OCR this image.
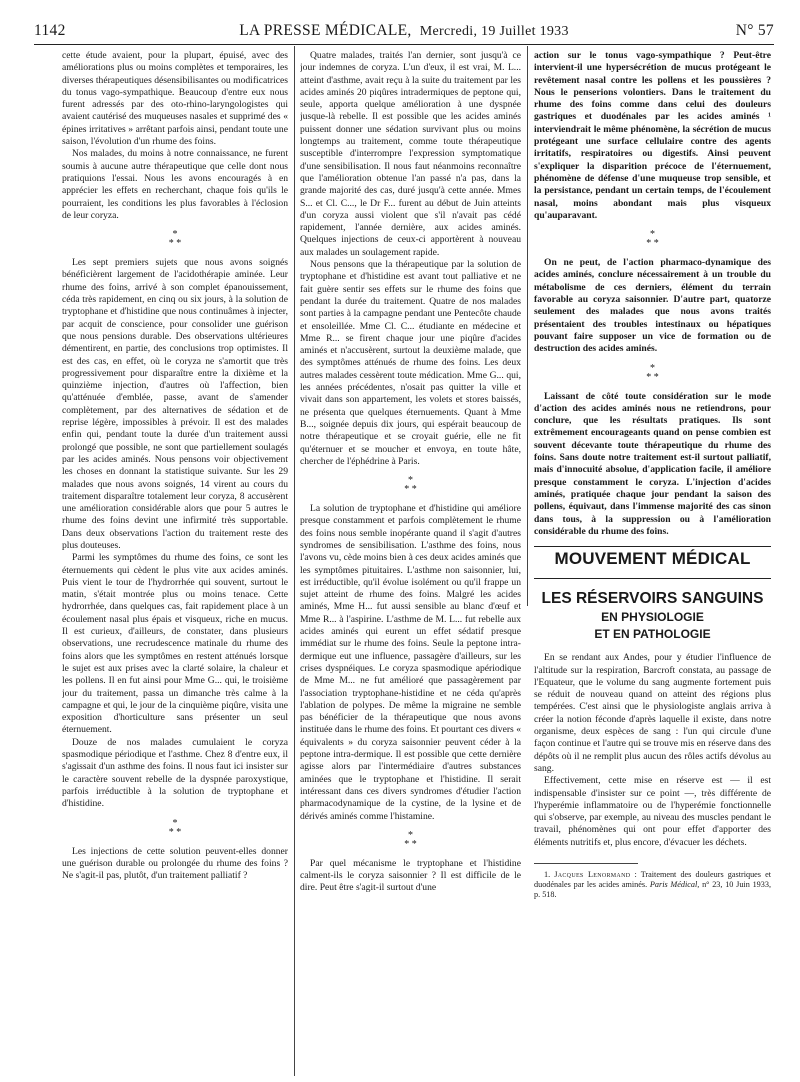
1142	LA PRESSE MÉDICALE, Mercredi, 19 Juillet 1933	N° 57

cette étude avaient, pour la plupart, épuisé, avec des améliorations plus ou moins complètes et temporaires, les diverses thérapeutiques désensibilisantes ou modificatrices du tonus vago-sympathique. Beaucoup d'entre eux nous furent adressés par des oto-rhino-laryngologistes qui avaient cautérisé des muqueuses nasales et supprimé des « épines irritatives » arrêtant parfois ainsi, pendant toute une saison, l'évolution d'un rhume des foins.

Nos malades, du moins à notre connaissance, ne furent soumis à aucune autre thérapeutique que celle dont nous pratiquions l'essai. Nous les avons encouragés à en apprécier les effets en recherchant, chaque fois qu'ils le pourraient, les conditions les plus favorables à l'éclosion de leur coryza.

*
* *

Les sept premiers sujets que nous avons soignés bénéficièrent largement de l'acidothérapie aminée. Leur rhume des foins, arrivé à son complet épanouissement, céda très rapidement, en cinq ou six jours, à la solution de tryptophane et d'histidine que nous continuâmes à injecter, par acquit de conscience, pour consolider une guérison que nous pensions durable. Des observations ultérieures démentirent, en partie, des conclusions trop optimistes. Il est des cas, en effet, où le coryza ne s'amortit que très progressivement pour disparaître entre la dixième et la quinzième injection, d'autres où l'affection, bien qu'atténuée d'emblée, passe, avant de s'amender complètement, par des alternatives de sédation et de reprise légère, impossibles à prévoir. Il est des malades enfin qui, pendant toute la durée d'un traitement aussi prolongé que possible, ne sont que partiellement soulagés par les acides aminés. Nous pensons voir objectivement les choses en donnant la statistique suivante. Sur les 29 malades que nous avons soignés, 14 virent au cours du traitement disparaître totalement leur coryza, 8 accusèrent une amélioration considérable alors que pour 5 autres le rhume des foins devint une infirmité très supportable. Dans deux observations l'action du traitement reste des plus douteuses.

Parmi les symptômes du rhume des foins, ce sont les éternuements qui cèdent le plus vite aux acides aminés. Puis vient le tour de l'hydrorrhée qui souvent, surtout le matin, s'était montrée plus ou moins tenace. Cette hydrorrhée, dans quelques cas, fait rapidement place à un écoulement nasal plus épais et visqueux, riche en mucus. Il est curieux, d'ailleurs, de constater, dans plusieurs observations, une recrudescence matinale du rhume des foins alors que les symptômes en restent atténués lorsque le sujet est aux prises avec la clarté solaire, la chaleur et les pollens. Il en fut ainsi pour Mme G... qui, le troisième jour du traitement, passa un dimanche très calme à la campagne et qui, le jour de la cinquième piqûre, visita une exposition d'horticulture sans présenter un seul éternuement.

Douze de nos malades cumulaient le coryza spasmodique périodique et l'asthme. Chez 8 d'entre eux, il s'agissait d'un asthme des foins. Il nous faut ici insister sur le caractère souvent rebelle de la dyspnée paroxystique, parfois irréductible à la solution de tryptophane et d'histidine.

*
* *

Les injections de cette solution peuvent-elles donner une guérison durable ou prolongée du rhume des foins ? Ne s'agit-il pas, plutôt, d'un traitement palliatif ?

Quatre malades, traités l'an dernier, sont jusqu'à ce jour indemnes de coryza. L'un d'eux, il est vrai, M. L... atteint d'asthme, avait reçu à la suite du traitement par les acides aminés 20 piqûres intradermiques de peptone qui, seule, apporta quelque amélioration à une dyspnée jusque-là rebelle. Il est possible que les acides aminés puissent donner une sédation survivant plus ou moins longtemps au traitement, comme toute thérapeutique susceptible d'interrompre l'expression symptomatique d'une sensibilisation. Il nous faut néanmoins reconnaître que l'amélioration obtenue l'an passé n'a pas, dans la grande majorité des cas, duré jusqu'à cette année. Mmes S... et Cl. C..., le Dr F... furent au début de Juin atteints d'un coryza aussi violent que s'il n'avait pas cédé rapidement, l'année dernière, aux acides aminés. Quelques injections de ceux-ci apportèrent à nouveau aux malades un soulagement rapide.

Nous pensons que la thérapeutique par la solution de tryptophane et d'histidine est avant tout palliative et ne fait guère sentir ses effets sur le rhume des foins que pendant la durée du traitement. Quatre de nos malades sont parties à la campagne pendant une Pentecôte chaude et ensoleillée. Mme Cl. C... étudiante en médecine et Mme R... se firent chaque jour une piqûre d'acides aminés et n'accusèrent, surtout la deuxième malade, que des symptômes atténués de rhume des foins. Les deux autres malades cessèrent toute médication. Mme G... qui, les années précédentes, n'osait pas quitter la ville et vivait dans son appartement, les volets et stores baissés, ne présenta que quelques éternuements. Quant à Mme B..., soignée depuis dix jours, qui espérait beaucoup de notre thérapeutique et se croyait guérie, elle ne fit qu'éternuer et se moucher et envoya, en toute hâte, chercher de l'éphédrine à Paris.

*
* *

La solution de tryptophane et d'histidine qui améliore presque constamment et parfois complètement le rhume des foins nous semble inopérante quand il s'agit d'autres syndromes de sensibilisation. L'asthme des foins, nous l'avons vu, cède moins bien à ces deux acides aminés que les symptômes pituitaires. L'asthme non saisonnier, lui, est irréductible, qu'il évolue isolément ou qu'il frappe un sujet atteint de rhume des foins. Malgré les acides aminés, Mme H... fut aussi sensible au blanc d'œuf et Mme R... à l'aspirine. L'asthme de M. L... fut rebelle aux acides aminés qui eurent un effet sédatif presque immédiat sur le rhume des foins. Seule la peptone intra-dermique eut une influence, passagère d'ailleurs, sur les crises dyspnéiques. Le coryza spasmodique apériodique de Mme M... ne fut amélioré que passagèrement par l'association tryptophane-histidine et ne céda qu'après l'ablation de polypes. De même la migraine ne semble pas bénéficier de la thérapeutique que nous avons instituée dans le rhume des foins. Et pourtant ces divers « équivalents » du coryza saisonnier peuvent céder à la peptone intra-dermique. Il est possible que cette dernière agisse alors par l'intermédiaire d'autres substances aminées que le tryptophane et l'histidine. Il serait intéressant dans ces divers syndromes d'étudier l'action pharmacodynamique de la cystine, de la lysine et de dérivés aminés comme l'histamine.

*
* *

Par quel mécanisme le tryptophane et l'histidine calment-ils le coryza saisonnier ? Il est difficile de le dire. Peut être s'agit-il surtout d'une

action sur le tonus vago-sympathique ? Peut-être intervient-il une hypersécrétion de mucus protégeant le revêtement nasal contre les pollens et les poussières ? Nous le penserions volontiers. Dans le traitement du rhume des foins comme dans celui des douleurs gastriques et duodénales par les acides aminés ¹ interviendrait le même phénomène, la sécrétion de mucus protégeant une surface cellulaire contre des agents irritatifs, respiratoires ou digestifs. Ainsi peuvent s'expliquer la disparition précoce de l'éternuement, phénomène de défense d'une muqueuse trop sensible, et la persistance, pendant un certain temps, de l'écoulement nasal, moins abondant mais plus visqueux qu'auparavant.

*
* *

On ne peut, de l'action pharmaco-dynamique des acides aminés, conclure nécessairement à un trouble du métabolisme de ces derniers, élément du terrain favorable au coryza saisonnier. D'autre part, quatorze seulement des malades que nous avons traités présentaient des troubles intestinaux ou hépatiques pouvant faire supposer un vice de formation ou de destruction des acides aminés.

*
* *

Laissant de côté toute considération sur le mode d'action des acides aminés nous ne retiendrons, pour conclure, que les résultats pratiques. Ils sont extrêmement encourageants quand on pense combien est souvent décevante toute thérapeutique du rhume des foins. Sans doute notre traitement est-il surtout palliatif, mais d'innocuité absolue, d'application facile, il améliore presque constamment le coryza. L'injection d'acides aminés, pratiquée chaque jour pendant la saison des pollens, équivaut, dans l'immense majorité des cas sinon dans tous, à la suppression ou à l'amélioration considérable du rhume des foins.

MOUVEMENT MÉDICAL
LES RÉSERVOIRS SANGUINS
EN PHYSIOLOGIE
ET EN PATHOLOGIE

En se rendant aux Andes, pour y étudier l'influence de l'altitude sur la respiration, Barcroft constata, au passage de l'Equateur, que le volume du sang augmente fortement puis se réduit de nouveau quand on atteint des régions plus tempérées. C'est ainsi que le physiologiste anglais arriva à créer la notion féconde d'après laquelle il existe, dans notre organisme, deux espèces de sang : l'un qui circule d'une façon continue et l'autre qui se trouve mis en réserve dans des dépôts où il ne remplit plus aucun des rôles actifs dévolus au sang.

Effectivement, cette mise en réserve est — il est indispensable d'insister sur ce point —, très différente de l'hyperémie inflammatoire ou de l'hyperémie fonctionnelle qui s'observe, par exemple, au niveau des muscles pendant le travail, phénomènes qui ont pour effet d'apporter des éléments nutritifs et, plus encore, d'évacuer les déchets.

1. Jacques Lenormand : Traitement des douleurs gastriques et duodénales par les acides aminés. Paris Médical, n° 23, 10 Juin 1933, p. 518.
